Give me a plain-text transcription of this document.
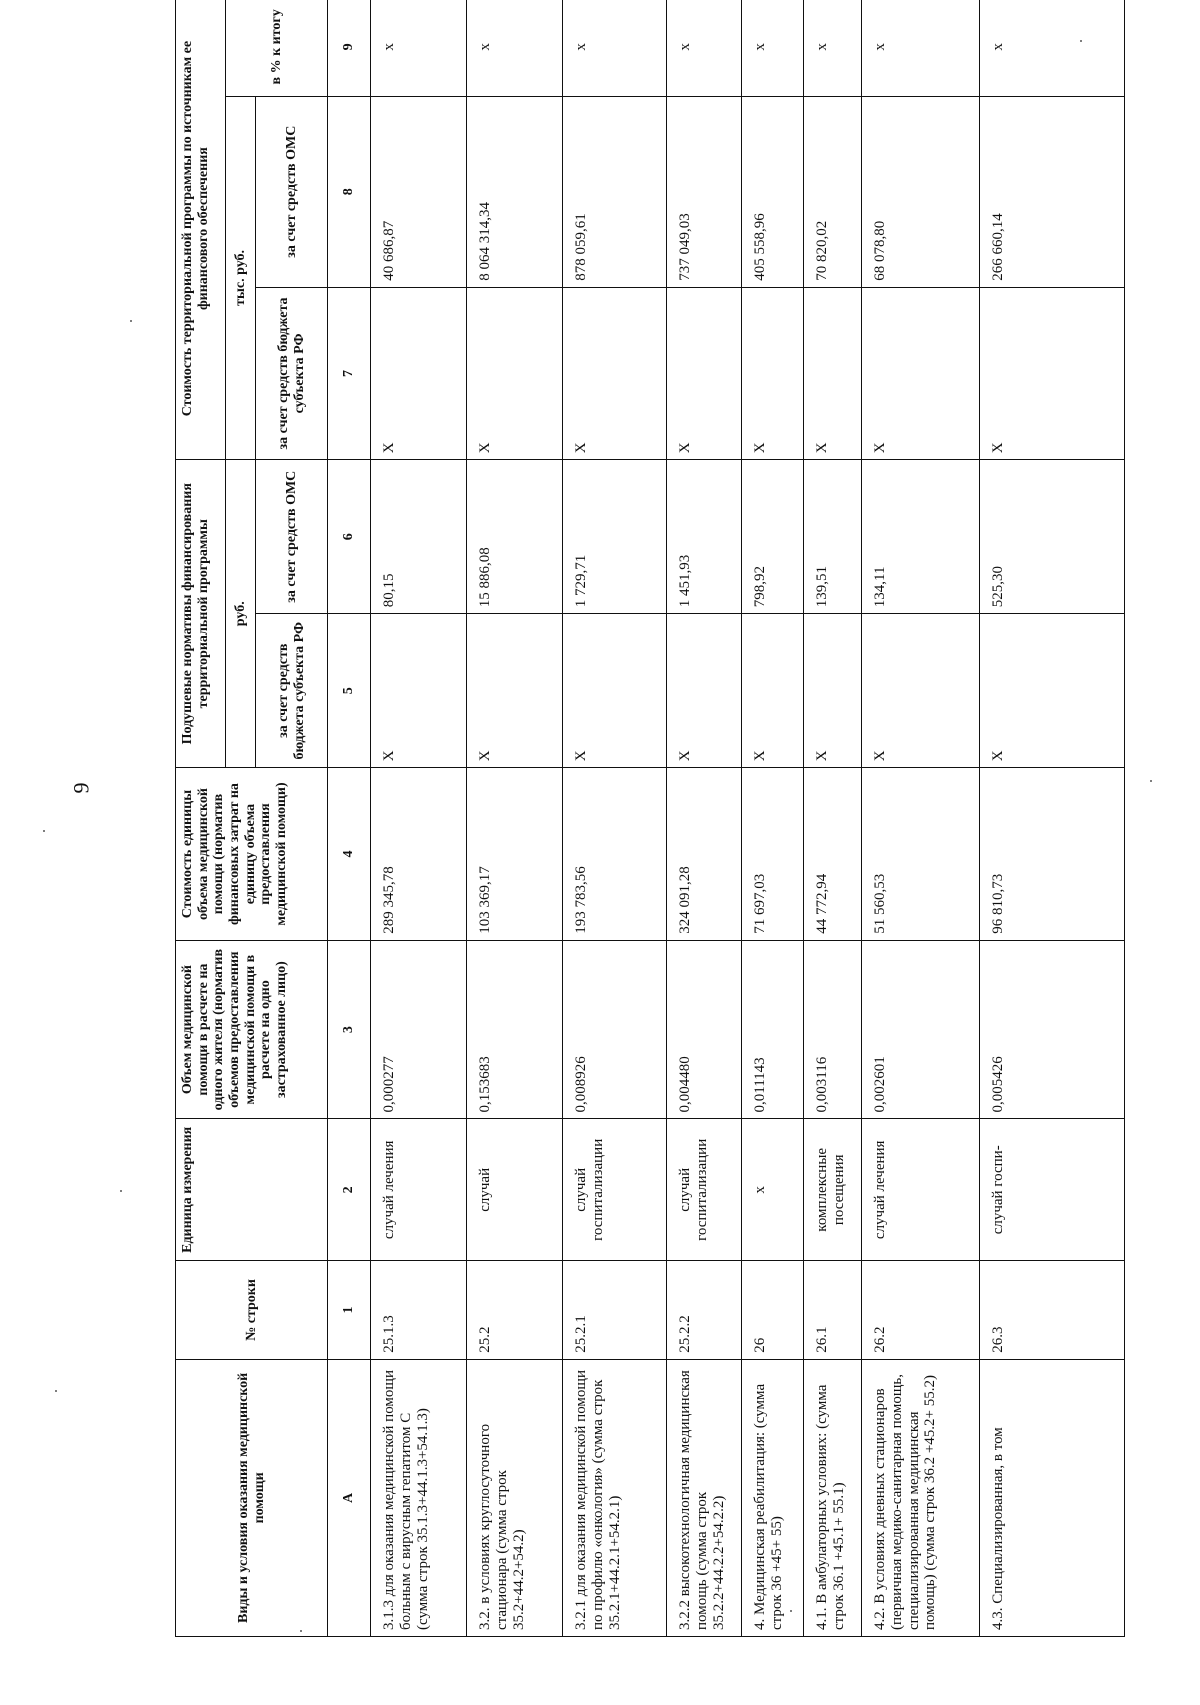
9
Виды и условия оказания медицинской помощи	№ строки	Единица измерения	Объем медицинской помощи в расчете на одного жителя (норматив объемов предоставления медицинской помощи в расчете на одно застрахованное лицо)	Стоимость единицы объема медицинской помощи (норматив финансовых затрат на единицу объема предоставления медицинской помощи)	Подушевые нормативы финансирования территориальной программы		Стоимость территориальной программы по источникам ее финансового обеспечения		
					руб.		тыс. руб.		в % к итогу
					за счет средств бюджета субъекта РФ	за счет средств ОМС	за счет средств бюджета субъекта РФ	за счет средств ОМС	
А	1	2	3	4	5	6	7	8	9
3.1.3 для оказания медицинской помощи больным с вирусным гепатитом С (сумма строк 35.1.3+44.1.3+54.1.3)	25.1.3	случай лечения	0,000277	289 345,78	Х	80,15	Х	40 686,87	х
3.2. в условиях круглосуточного стационара (сумма строк 35.2+44.2+54.2)	25.2	случай	0,153683	103 369,17	Х	15 886,08	Х	8 064 314,34	х
3.2.1 для оказания медицинской помощи по профилю «онкология» (сумма строк 35.2.1+44.2.1+54.2.1)	25.2.1	случай госпитализации	0,008926	193 783,56	Х	1 729,71	Х	878 059,61	х
3.2.2 высокотехнологичная медицинская помощь (сумма строк 35.2.2+44.2.2+54.2.2)	25.2.2	случай госпитализации	0,004480	324 091,28	Х	1 451,93	Х	737 049,03	х
4. Медицинская реабилитация: (сумма строк 36 +45+ 55)	26	х	0,011143	71 697,03	Х	798,92	Х	405 558,96	х
4.1. В амбулаторных условиях: (сумма строк 36.1 +45.1+ 55.1)	26.1	комплексные посещения	0,003116	44 772,94	Х	139,51	Х	70 820,02	х
4.2. В условиях дневных стационаров (первичная медико-санитарная помощь, специализированная медицинская помощь) (сумма строк 36.2 +45.2+ 55.2)	26.2	случай лечения	0,002601	51 560,53	Х	134,11	Х	68 078,80	х
4.3. Специализированная, в том	26.3	случай госпи-	0,005426	96 810,73	Х	525,30	Х	266 660,14	х
